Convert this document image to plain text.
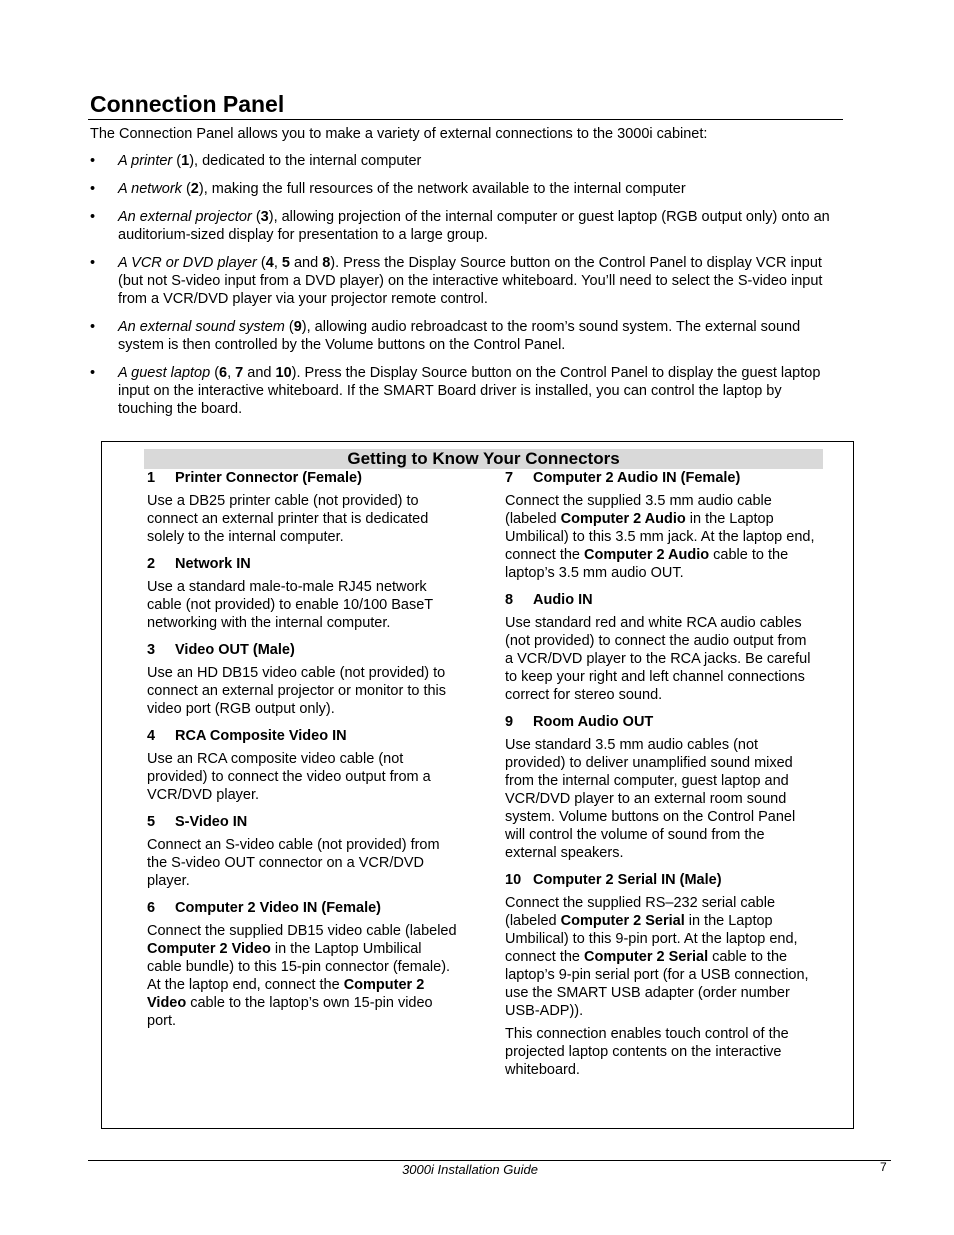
Connection Panel

The Connection Panel allows you to make a variety of external connections to the 3000i cabinet:

• A printer (1), dedicated to the internal computer
• A network (2), making the full resources of the network available to the internal computer
• An external projector (3), allowing projection of the internal computer or guest laptop (RGB output only) onto an auditorium-sized display for presentation to a large group.
• A VCR or DVD player (4, 5 and 8). Press the Display Source button on the Control Panel to display VCR input (but not S-video input from a DVD player) on the interactive whiteboard. You’ll need to select the S-video input from a VCR/DVD player via your projector remote control.
• An external sound system (9), allowing audio rebroadcast to the room’s sound system. The external sound system is then controlled by the Volume buttons on the Control Panel.
• A guest laptop (6, 7 and 10). Press the Display Source button on the Control Panel to display the guest laptop input on the interactive whiteboard. If the SMART Board driver is installed, you can control the laptop by touching the board.
Getting to Know Your Connectors
1 Printer Connector (Female)

Use a DB25 printer cable (not provided) to connect an external printer that is dedicated solely to the internal computer.

2 Network IN

Use a standard male-to-male RJ45 network cable (not provided) to enable 10/100 BaseT networking with the internal computer.

3 Video OUT (Male)

Use an HD DB15 video cable (not provided) to connect an external projector or monitor to this video port (RGB output only).

4 RCA Composite Video IN

Use an RCA composite video cable (not provided) to connect the video output from a VCR/DVD player.

5 S-Video IN

Connect an S-video cable (not provided) from the S-video OUT connector on a VCR/DVD player.

6 Computer 2 Video IN (Female)

Connect the supplied DB15 video cable (labeled Computer 2 Video in the Laptop Umbilical cable bundle) to this 15-pin connector (female). At the laptop end, connect the Computer 2 Video cable to the laptop’s own 15-pin video port.

7 Computer 2 Audio IN (Female)

Connect the supplied 3.5 mm audio cable (labeled Computer 2 Audio in the Laptop Umbilical) to this 3.5 mm jack. At the laptop end, connect the Computer 2 Audio cable to the laptop’s 3.5 mm audio OUT.

8 Audio IN

Use standard red and white RCA audio cables (not provided) to connect the audio output from a VCR/DVD player to the RCA jacks. Be careful to keep your right and left channel connections correct for stereo sound.

9 Room Audio OUT

Use standard 3.5 mm audio cables (not provided) to deliver unamplified sound mixed from the internal computer, guest laptop and VCR/DVD player to an external room sound system. Volume buttons on the Control Panel will control the volume of sound from the external speakers.

10 Computer 2 Serial IN (Male)

Connect the supplied RS–232 serial cable (labeled Computer 2 Serial in the Laptop Umbilical) to this 9-pin port. At the laptop end, connect the Computer 2 Serial cable to the laptop’s 9-pin serial port (for a USB connection, use the SMART USB adapter (order number USB-ADP)).

This connection enables touch control of the projected laptop contents on the interactive whiteboard.

3000i Installation Guide	7
